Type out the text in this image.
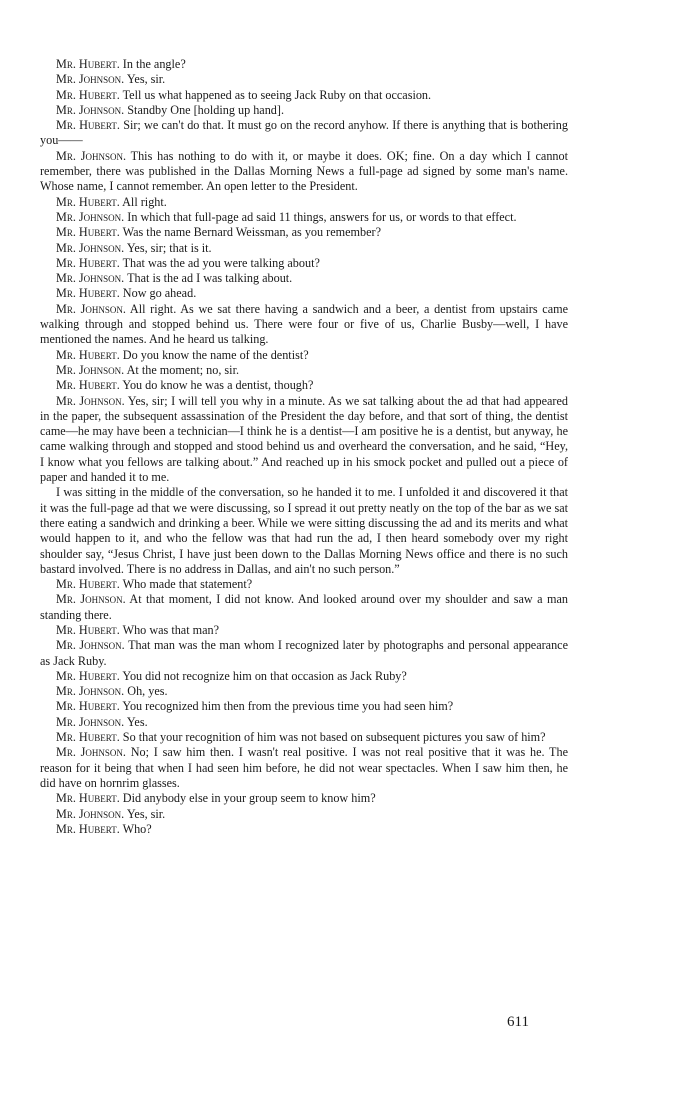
Mr. Hubert. In the angle?

Mr. Johnson. Yes, sir.

Mr. Hubert. Tell us what happened as to seeing Jack Ruby on that occasion.

Mr. Johnson. Standby One [holding up hand].

Mr. Hubert. Sir; we can't do that. It must go on the record anyhow. If there is anything that is bothering you——

Mr. Johnson. This has nothing to do with it, or maybe it does. OK; fine. On a day which I cannot remember, there was published in the Dallas Morning News a full-page ad signed by some man's name. Whose name, I cannot remember. An open letter to the President.

Mr. Hubert. All right.

Mr. Johnson. In which that full-page ad said 11 things, answers for us, or words to that effect.

Mr. Hubert. Was the name Bernard Weissman, as you remember?

Mr. Johnson. Yes, sir; that is it.

Mr. Hubert. That was the ad you were talking about?

Mr. Johnson. That is the ad I was talking about.

Mr. Hubert. Now go ahead.

Mr. Johnson. All right. As we sat there having a sandwich and a beer, a dentist from upstairs came walking through and stopped behind us. There were four or five of us, Charlie Busby—well, I have mentioned the names. And he heard us talking.

Mr. Hubert. Do you know the name of the dentist?

Mr. Johnson. At the moment; no, sir.

Mr. Hubert. You do know he was a dentist, though?

Mr. Johnson. Yes, sir; I will tell you why in a minute. As we sat talking about the ad that had appeared in the paper, the subsequent assassination of the President the day before, and that sort of thing, the dentist came—he may have been a technician—I think he is a dentist—I am positive he is a dentist, but anyway, he came walking through and stopped and stood behind us and overheard the conversation, and he said, “Hey, I know what you fellows are talking about.” And reached up in his smock pocket and pulled out a piece of paper and handed it to me.

I was sitting in the middle of the conversation, so he handed it to me. I unfolded it and discovered it that it was the full-page ad that we were discussing, so I spread it out pretty neatly on the top of the bar as we sat there eating a sandwich and drinking a beer. While we were sitting discussing the ad and its merits and what would happen to it, and who the fellow was that had run the ad, I then heard somebody over my right shoulder say, “Jesus Christ, I have just been down to the Dallas Morning News office and there is no such bastard involved. There is no address in Dallas, and ain't no such person.”

Mr. Hubert. Who made that statement?

Mr. Johnson. At that moment, I did not know. And looked around over my shoulder and saw a man standing there.

Mr. Hubert. Who was that man?

Mr. Johnson. That man was the man whom I recognized later by photographs and personal appearance as Jack Ruby.

Mr. Hubert. You did not recognize him on that occasion as Jack Ruby?

Mr. Johnson. Oh, yes.

Mr. Hubert. You recognized him then from the previous time you had seen him?

Mr. Johnson. Yes.

Mr. Hubert. So that your recognition of him was not based on subsequent pictures you saw of him?

Mr. Johnson. No; I saw him then. I wasn't real positive. I was not real positive that it was he. The reason for it being that when I had seen him before, he did not wear spectacles. When I saw him then, he did have on hornrim glasses.

Mr. Hubert. Did anybody else in your group seem to know him?

Mr. Johnson. Yes, sir.

Mr. Hubert. Who?

611
